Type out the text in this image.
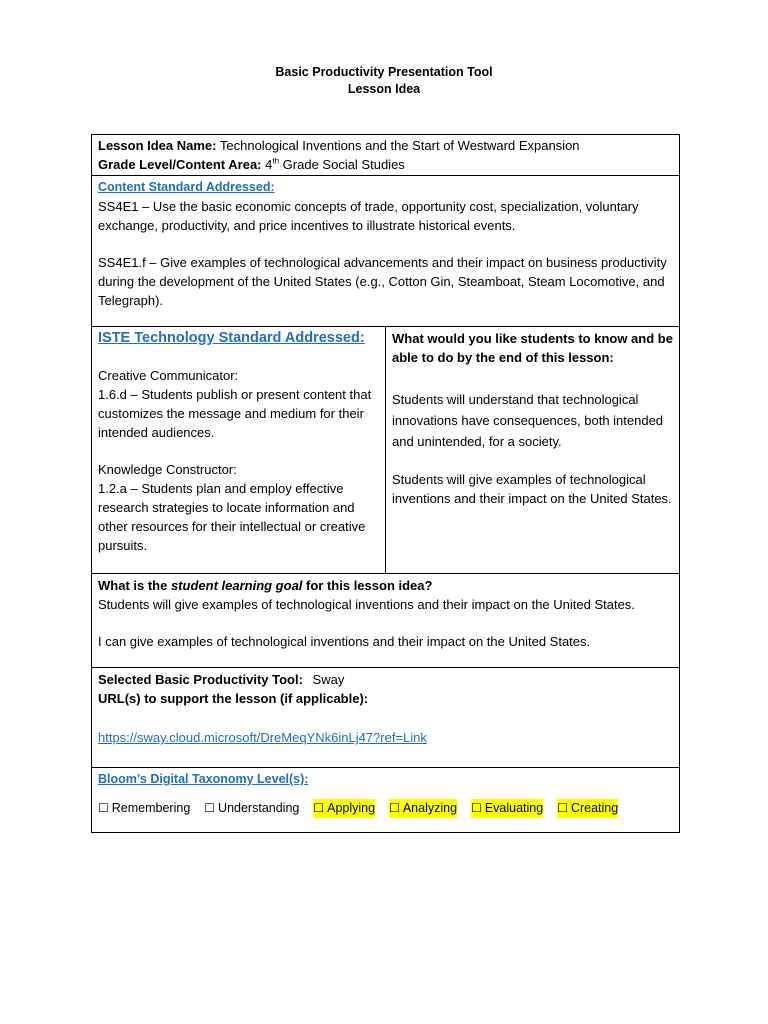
Basic Productivity Presentation Tool
Lesson Idea
Lesson Idea Name: Technological Inventions and the Start of Westward Expansion
Grade Level/Content Area: 4th Grade Social Studies

Content Standard Addressed:
SS4E1 – Use the basic economic concepts of trade, opportunity cost, specialization, voluntary exchange, productivity, and price incentives to illustrate historical events.
SS4E1.f – Give examples of technological advancements and their impact on business productivity during the development of the United States (e.g., Cotton Gin, Steamboat, Steam Locomotive, and Telegraph).

ISTE Technology Standard Addressed:
Creative Communicator:
1.6.d – Students publish or present content that customizes the message and medium for their intended audiences.
Knowledge Constructor:
1.2.a – Students plan and employ effective research strategies to locate information and other resources for their intellectual or creative pursuits.

What would you like students to know and be able to do by the end of this lesson:
Students will understand that technological innovations have consequences, both intended and unintended, for a society.
Students will give examples of technological inventions and their impact on the United States.

What is the student learning goal for this lesson idea?
Students will give examples of technological inventions and their impact on the United States.
I can give examples of technological inventions and their impact on the United States.

Selected Basic Productivity Tool: Sway
URL(s) to support the lesson (if applicable):
https://sway.cloud.microsoft/DreMeqYNk6inLj47?ref=Link

Bloom’s Digital Taxonomy Level(s):
☐ Remembering ☐ Understanding ☐ Applying ☐ Analyzing ☐ Evaluating ☐ Creating
